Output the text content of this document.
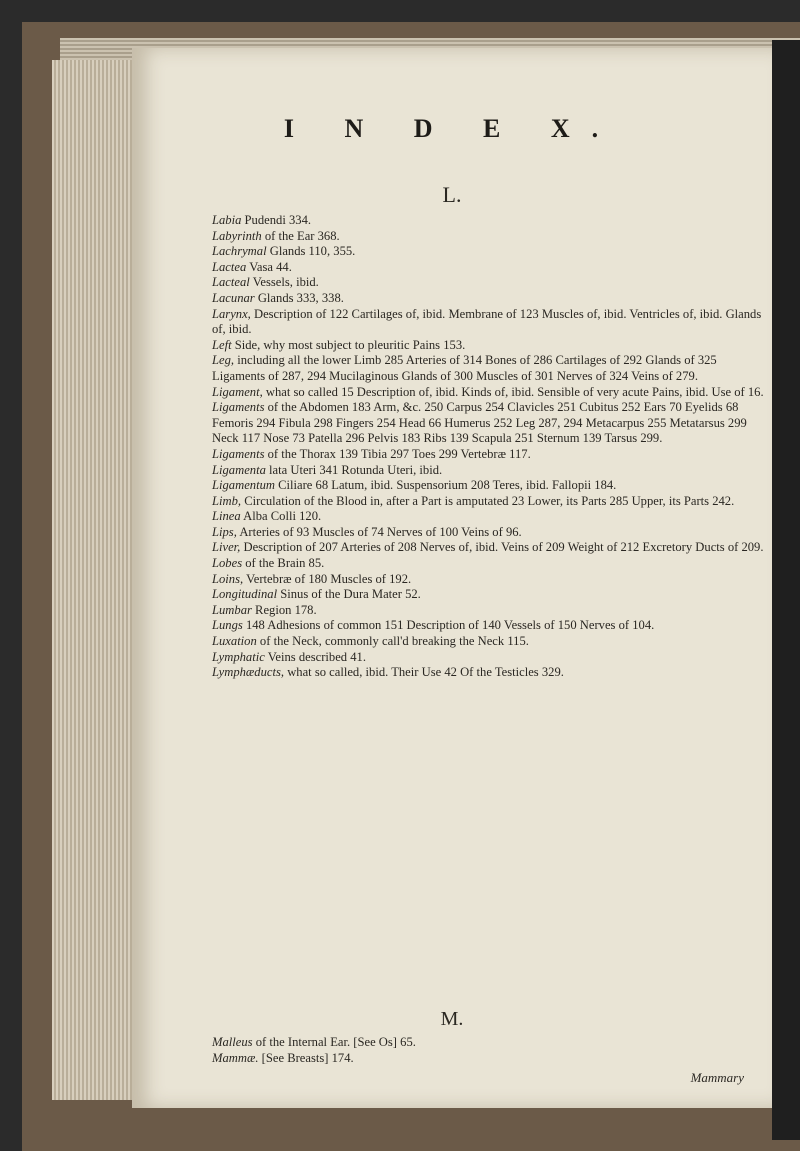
I N D E X.
L.

Labia Pudendi 334.

Labyrinth of the Ear 368.

Lachrymal Glands 110, 355.

Lactea Vasa 44.

Lacteal Vessels, ibid.

Lacunar Glands 333, 338.

Larynx, Description of 122 Cartilages of, ibid. Membrane of 123 Muscles of, ibid. Ventricles of, ibid. Glands of, ibid.

Left Side, why most subject to pleuritic Pains 153.

Leg, including all the lower Limb 285 Arteries of 314 Bones of 286 Cartilages of 292 Glands of 325 Ligaments of 287, 294 Mucilaginous Glands of 300 Muscles of 301 Nerves of 324 Veins of 279.

Ligament, what so called 15 Description of, ibid. Kinds of, ibid. Sensible of very acute Pains, ibid. Use of 16.

Ligaments of the Abdomen 183 Arm, &c. 250 Carpus 254 Clavicles 251 Cubitus 252 Ears 70 Eyelids 68 Femoris 294 Fibula 298 Fingers 254 Head 66 Humerus 252 Leg 287, 294 Metacarpus 255 Metatarsus 299 Neck 117 Nose 73 Patella 296 Pelvis 183 Ribs 139 Scapula 251 Sternum 139 Tarsus 299.

Ligaments of the Thorax 139 Tibia 297 Toes 299 Vertebræ 117.

Ligamenta lata Uteri 341 Rotunda Uteri, ibid.

Ligamentum Ciliare 68 Latum, ibid. Suspensorium 208 Teres, ibid. Fallopii 184.

Limb, Circulation of the Blood in, after a Part is amputated 23 Lower, its Parts 285 Upper, its Parts 242.

Linea Alba Colli 120.

Lips, Arteries of 93 Muscles of 74 Nerves of 100 Veins of 96.

Liver, Description of 207 Arteries of 208 Nerves of, ibid. Veins of 209 Weight of 212 Excretory Ducts of 209.

Lobes of the Brain 85.

Loins, Vertebræ of 180 Muscles of 192.

Longitudinal Sinus of the Dura Mater 52.

Lumbar Region 178.

Lungs 148 Adhesions of common 151 Description of 140 Vessels of 150 Nerves of 104.

Luxation of the Neck, commonly call'd breaking the Neck 115.

Lymphatic Veins described 41.

Lymphæducts, what so called, ibid. Their Use 42 Of the Testicles 329.

M.

Malleus of the Internal Ear. [See Os] 65.

Mammæ. [See Breasts] 174.

Mammary
